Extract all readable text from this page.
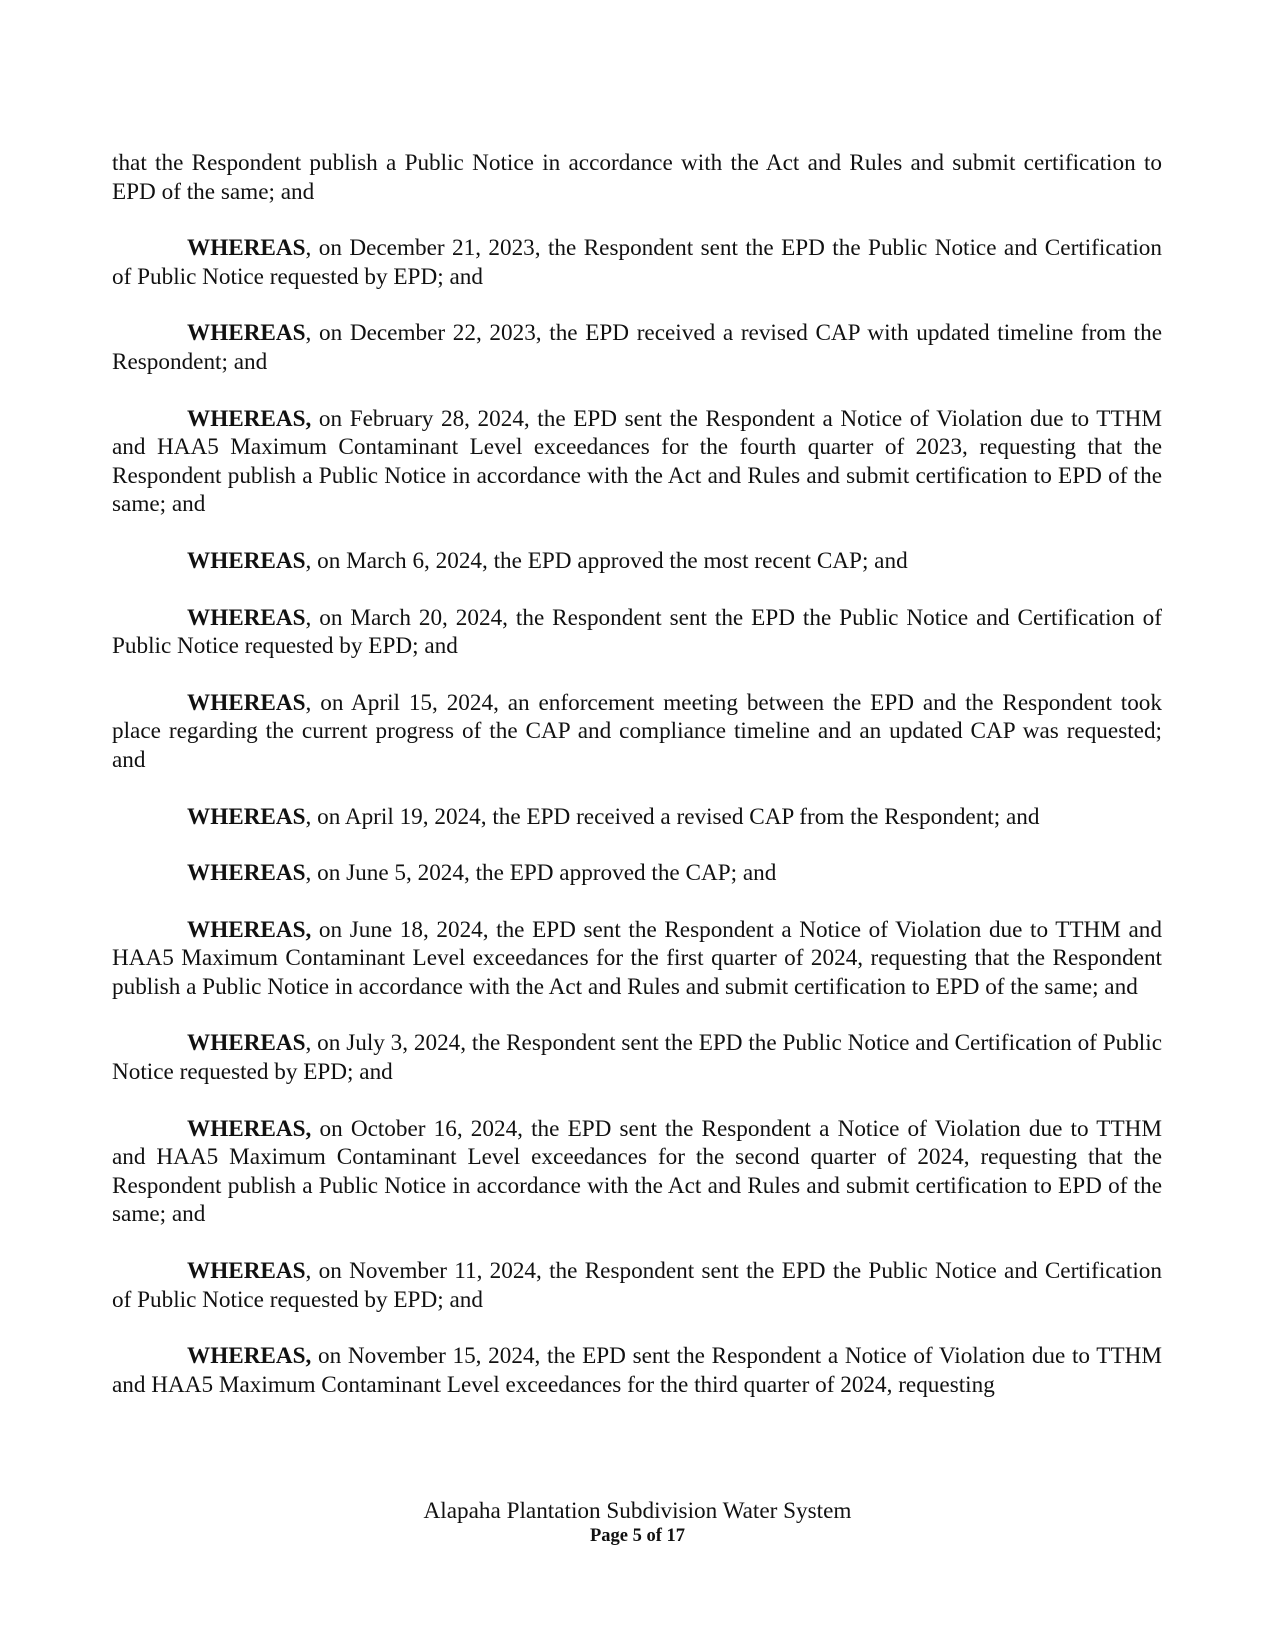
that the Respondent publish a Public Notice in accordance with the Act and Rules and submit certification to EPD of the same; and

WHEREAS, on December 21, 2023, the Respondent sent the EPD the Public Notice and Certification of Public Notice requested by EPD; and

WHEREAS, on December 22, 2023, the EPD received a revised CAP with updated timeline from the Respondent; and

WHEREAS, on February 28, 2024, the EPD sent the Respondent a Notice of Violation due to TTHM and HAA5 Maximum Contaminant Level exceedances for the fourth quarter of 2023, requesting that the Respondent publish a Public Notice in accordance with the Act and Rules and submit certification to EPD of the same; and

WHEREAS, on March 6, 2024, the EPD approved the most recent CAP; and

WHEREAS, on March 20, 2024, the Respondent sent the EPD the Public Notice and Certification of Public Notice requested by EPD; and

WHEREAS, on April 15, 2024, an enforcement meeting between the EPD and the Respondent took place regarding the current progress of the CAP and compliance timeline and an updated CAP was requested; and

WHEREAS, on April 19, 2024, the EPD received a revised CAP from the Respondent; and

WHEREAS, on June 5, 2024, the EPD approved the CAP; and

WHEREAS, on June 18, 2024, the EPD sent the Respondent a Notice of Violation due to TTHM and HAA5 Maximum Contaminant Level exceedances for the first quarter of 2024, requesting that the Respondent publish a Public Notice in accordance with the Act and Rules and submit certification to EPD of the same; and

WHEREAS, on July 3, 2024, the Respondent sent the EPD the Public Notice and Certification of Public Notice requested by EPD; and

WHEREAS, on October 16, 2024, the EPD sent the Respondent a Notice of Violation due to TTHM and HAA5 Maximum Contaminant Level exceedances for the second quarter of 2024, requesting that the Respondent publish a Public Notice in accordance with the Act and Rules and submit certification to EPD of the same; and

WHEREAS, on November 11, 2024, the Respondent sent the EPD the Public Notice and Certification of Public Notice requested by EPD; and

WHEREAS, on November 15, 2024, the EPD sent the Respondent a Notice of Violation due to TTHM and HAA5 Maximum Contaminant Level exceedances for the third quarter of 2024, requesting

Alapaha Plantation Subdivision Water System
Page 5 of 17
